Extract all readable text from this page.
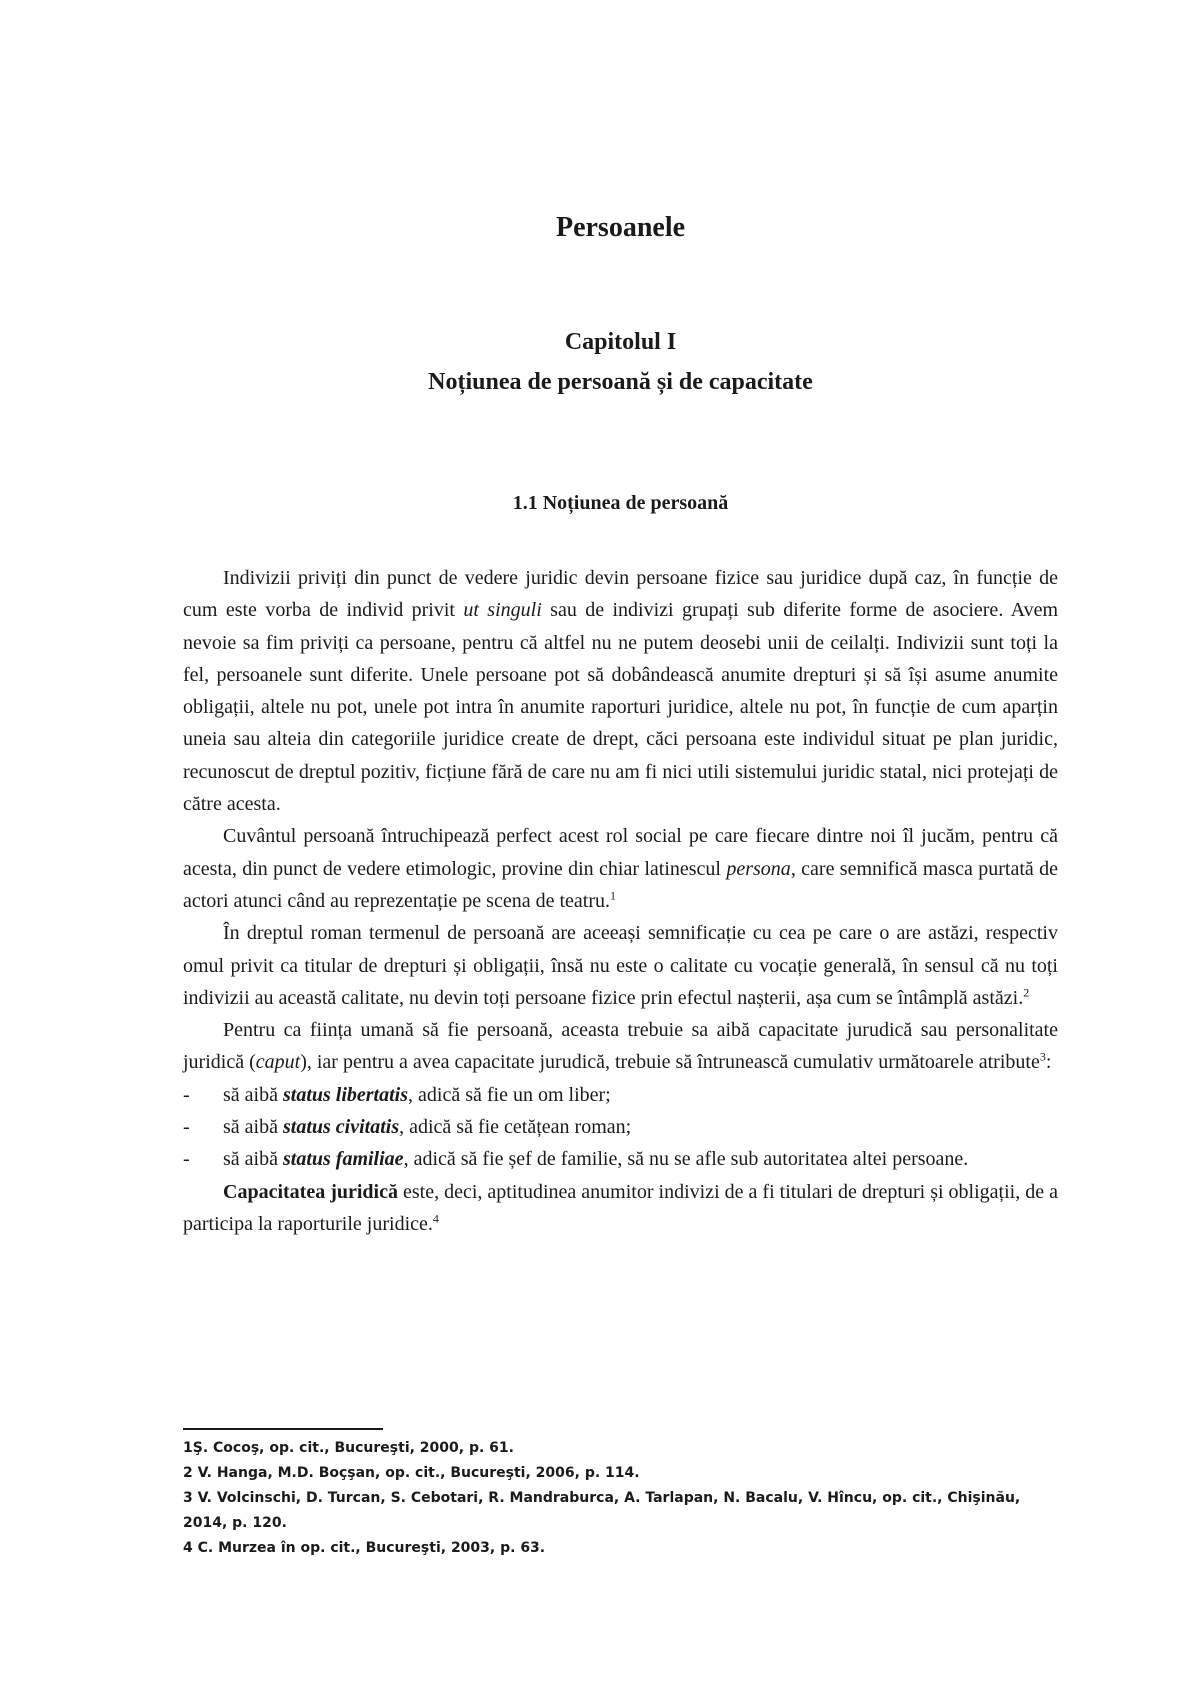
Persoanele
Capitolul I
Noțiunea de persoană și de capacitate
1.1 Noțiunea de persoană

Indivizii priviți din punct de vedere juridic devin persoane fizice sau juridice după caz, în funcție de cum este vorba de individ privit ut singuli sau de indivizi grupați sub diferite forme de asociere. Avem nevoie sa fim priviți ca persoane, pentru că altfel nu ne putem deosebi unii de ceilalți. Indivizii sunt toți la fel, persoanele sunt diferite. Unele persoane pot să dobândească anumite drepturi și să își asume anumite obligații, altele nu pot, unele pot intra în anumite raporturi juridice, altele nu pot, în funcție de cum aparțin uneia sau alteia din categoriile juridice create de drept, căci persoana este individul situat pe plan juridic, recunoscut de dreptul pozitiv, ficțiune fără de care nu am fi nici utili sistemului juridic statal, nici protejați de către acesta.

Cuvântul persoană întruchipează perfect acest rol social pe care fiecare dintre noi îl jucăm, pentru că acesta, din punct de vedere etimologic, provine din chiar latinescul persona, care semnifică masca purtată de actori atunci când au reprezentație pe scena de teatru.$^1$

În dreptul roman termenul de persoană are aceeași semnificație cu cea pe care o are astăzi, respectiv omul privit ca titular de drepturi și obligații, însă nu este o calitate cu vocație generală, în sensul că nu toți indivizii au această calitate, nu devin toți persoane fizice prin efectul nașterii, așa cum se întâmplă astăzi.$^2$

Pentru ca ființa umană să fie persoană, aceasta trebuie sa aibă capacitate jurudică sau personalitate juridică (caput), iar pentru a avea capacitate jurudică, trebuie să întrunească cumulativ următoarele atribute$^3$:

- să aibă status libertatis, adică să fie un om liber;
- să aibă status civitatis, adică să fie cetățean roman;
- să aibă status familiae, adică să fie șef de familie, să nu se afle sub autoritatea altei persoane.

Capacitatea juridică este, deci, aptitudinea anumitor indivizi de a fi titulari de drepturi și obligații, de a participa la raporturile juridice.$^4$

1Ş. Cocoş, op. cit., Bucureşti, 2000, p. 61.

2 V. Hanga, M.D. Boçşan, op. cit., Bucureşti, 2006, p. 114.

3 V. Volcinschi, D. Turcan, S. Cebotari, R. Mandraburca, A. Tarlapan, N. Bacalu, V. Hîncu, op. cit., Chişinău, 2014, p. 120.

4 C. Murzea în op. cit., Bucureşti, 2003, p. 63.
